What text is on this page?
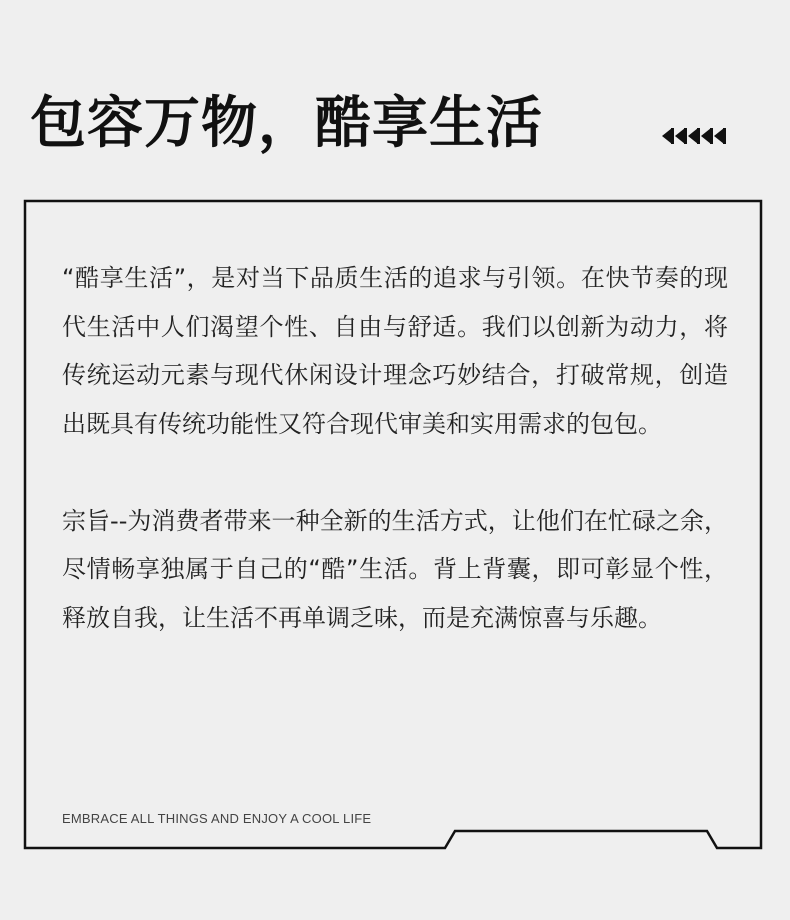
包容万物，酷享生活

“酷享生活”，是对当下品质生活的追求与引领。在快节奏的现代生活中人们渴望个性、自由与舒适。我们以创新为动力，将传统运动元素与现代休闲设计理念巧妙结合，打破常规，创造出既具有传统功能性又符合现代审美和实用需求的包包。

宗旨--为消费者带来一种全新的生活方式，让他们在忙碌之余，尽情畅享独属于自己的“酷”生活。背上背囊，即可彰显个性，释放自我，让生活不再单调乏味，而是充满惊喜与乐趣。

EMBRACE ALL THINGS AND ENJOY A COOL LIFE
